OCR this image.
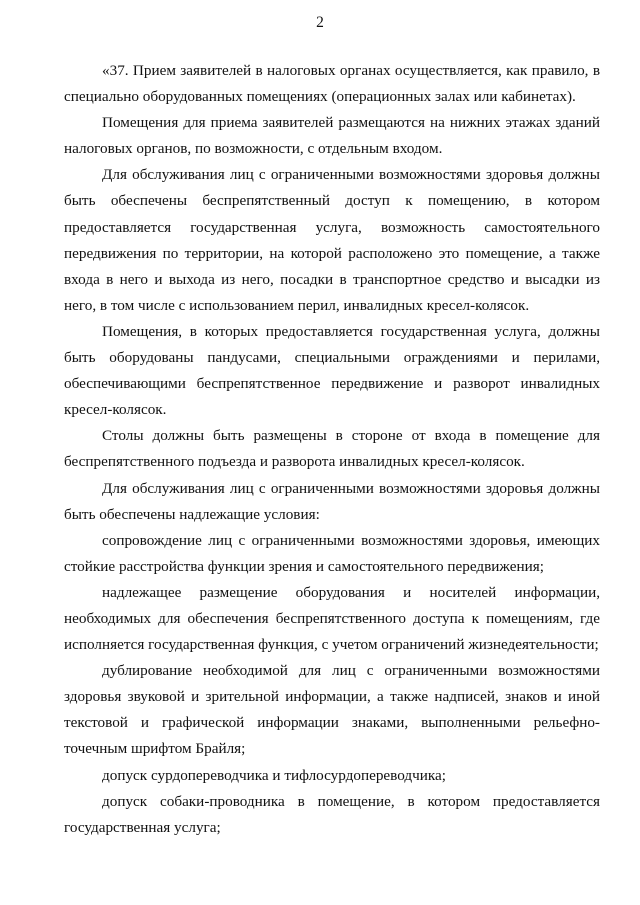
2

«37. Прием заявителей в налоговых органах осуществляется, как правило, в специально оборудованных помещениях (операционных залах или кабинетах).

Помещения для приема заявителей размещаются на нижних этажах зданий налоговых органов, по возможности, с отдельным входом.

Для обслуживания лиц с ограниченными возможностями здоровья должны быть обеспечены беспрепятственный доступ к помещению, в котором предоставляется государственная услуга, возможность самостоятельного передвижения по территории, на которой расположено это помещение, а также входа в него и выхода из него, посадки в транспортное средство и высадки из него, в том числе с использованием перил, инвалидных кресел-колясок.

Помещения, в которых предоставляется государственная услуга, должны быть оборудованы пандусами, специальными ограждениями и перилами, обеспечивающими беспрепятственное передвижение и разворот инвалидных кресел-колясок.

Столы должны быть размещены в стороне от входа в помещение для беспрепятственного подъезда и разворота инвалидных кресел-колясок.

Для обслуживания лиц с ограниченными возможностями здоровья должны быть обеспечены надлежащие условия:

сопровождение лиц с ограниченными возможностями здоровья, имеющих стойкие расстройства функции зрения и самостоятельного передвижения;

надлежащее размещение оборудования и носителей информации, необходимых для обеспечения беспрепятственного доступа к помещениям, где исполняется государственная функция, с учетом ограничений жизнедеятельности;

дублирование необходимой для лиц с ограниченными возможностями здоровья звуковой и зрительной информации, а также надписей, знаков и иной текстовой и графической информации знаками, выполненными рельефно-точечным шрифтом Брайля;

допуск сурдопереводчика и тифлосурдопереводчика;

допуск собаки-проводника в помещение, в котором предоставляется государственная услуга;
